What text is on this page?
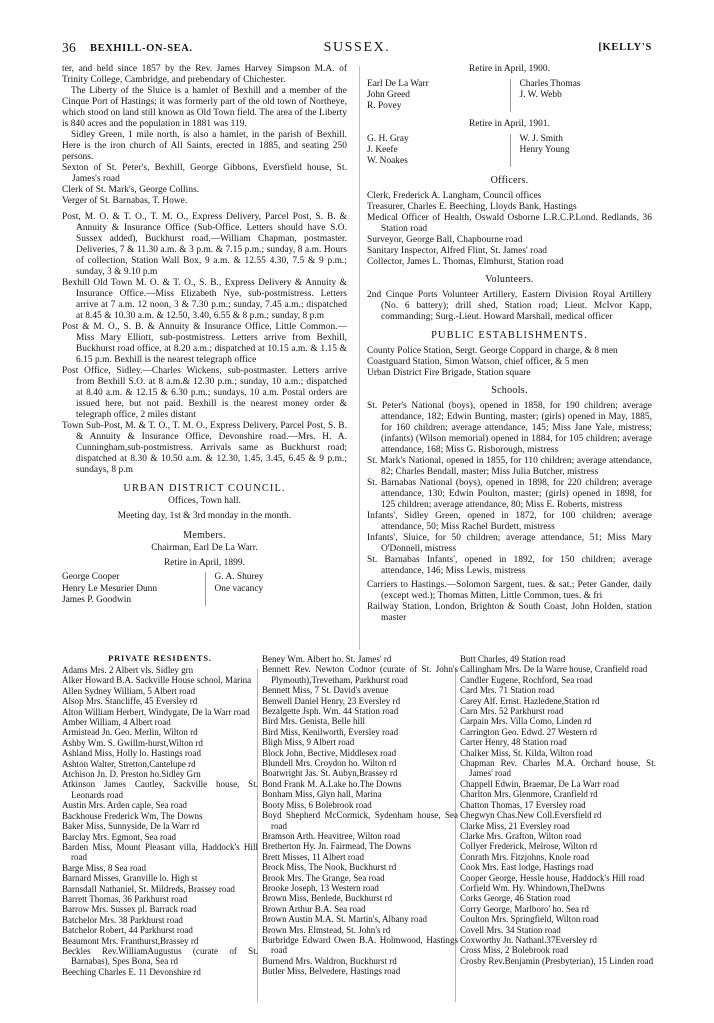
36 BEXHILL-ON-SEA.	SUSSEX.	[KELLY'S

ter, and held since 1857 by the Rev. James Harvey Simpson M.A. of Trinity College, Cambridge, and prebendary of Chichester.

The Liberty of the Sluice is a hamlet of Bexhill and a member of the Cinque Port of Hastings; it was formerly part of the old town of Northeye, which stood on land still known as Old Town field. The area of the Liberty is 840 acres and the population in 1881 was 119.

Sidley Green, 1 mile north, is also a hamlet, in the parish of Bexhill. Here is the iron church of All Saints, erected in 1885, and seating 250 persons.

Sexton of St. Peter's, Bexhill, George Gibbons, Eversfield house, St. James's road

Clerk of St. Mark's, George Collins.

Verger of St. Barnabas, T. Howe.

Post, M. O. & T. O., T. M. O., Express Delivery, Parcel Post, S. B. & Annuity & Insurance Office (Sub-Office. Letters should have S.O. Sussex added), Buckhurst road.—William Chapman, postmaster. Deliveries, 7 & 11.30 a.m. & 3 p.m. & 7.15 p.m.; sunday, 8 a.m. Hours of collection, Station Wall Box, 9 a.m. & 12.55 4.30, 7.5 & 9 p.m.; sunday, 3 & 9.10 p.m

Bexhill Old Town M. O. & T. O., S. B., Express Delivery & Annuity & Insurance Office.—Miss Elizabeth Nye, sub-postmistress. Letters arrive at 7 a.m. 12 noon, 3 & 7.30 p.m.; sunday, 7.45 a.m.; dispatched at 8.45 & 10.30 a.m. & 12.50, 3.40, 6.55 & 8 p.m.; sunday, 8 p.m

Post & M. O., S. B. & Annuity & Insurance Office, Little Common.—Miss Mary Elliott, sub-postmistress. Letters arrive from Bexhill, Buckhurst road office, at 8.20 a.m.; dispatched at 10.15 a.m. & 1.15 & 6.15 p.m. Bexhill is the nearest telegraph office

Post Office, Sidley.—Charles Wickens, sub-postmaster. Letters arrive from Bexhill S.O. at 8 a.m.& 12.30 p.m.; sunday, 10 a.m.; dispatched at 8.40 a.m. & 12.15 & 6.30 p.m.; sundays, 10 a.m. Postal orders are issued here, but not paid. Bexhill is the nearest money order & telegraph office, 2 miles distant

Town Sub-Post, M. & T. O., T. M. O., Express Delivery, Parcel Post, S. B. & Annuity & Insurance Office, Devonshire road.—Mrs. H. A. Cunningham,sub-postmistress. Arrivals same as Buckhurst road; dispatched at 8.30 & 10.50 a.m. & 12.30, 1.45, 3.45, 6.45 & 9 p.m.; sundays, 8 p.m

URBAN DISTRICT COUNCIL.

Offices, Town hall.

Meeting day, 1st & 3rd monday in the month.

Members.

Chairman, Earl De La Warr.

Retire in April, 1899.

George Cooper	G. A. Shurey
Henry Le Mesurier Dunn	One vacancy
James P. Goodwin

Retire in April, 1900.

Earl De La Warr	Charles Thomas
John Greed	J. W. Webb
R. Povey

Retire in April, 1901.

G. H. Gray	W. J. Smith
J. Keefe	Henry Young
W. Noakes

Officers.

Clerk, Frederick A. Langham, Council offices

Treasurer, Charles E. Beeching, Lloyds Bank, Hastings

Medical Officer of Health, Oswald Osborne L.R.C.P.Lond. Redlands, 36 Station road

Surveyor, George Ball, Chapbourne road

Sanitary Inspector, Alfred Flint, St. James' road

Collector, James L. Thomas, Elmhurst, Station road

Volunteers.

2nd Cinque Ports Volunteer Artillery, Eastern Division Royal Artillery (No. 6 battery); drill shed, Station road; Lieut. McIvor Kapp, commanding; Surg.-Lieut. Howard Marshall, medical officer

PUBLIC ESTABLISHMENTS.

County Police Station, Sergt. George Coppard in charge, & 8 men

Coastguard Station, Simon Watson, chief officer, & 5 men

Urban District Fire Brigade, Station square

Schools.

St. Peter's National (boys), opened in 1858, for 190 children; average attendance, 182; Edwin Bunting, master; (girls) opened in May, 1885, for 160 children; average attendance, 145; Miss Jane Yale, mistress; (infants) (Wilson memorial) opened in 1884, for 105 children; average attendance, 168; Miss G. Risborough, mistress

St. Mark's National, opened in 1855, for 110 children; average attendance, 82; Charles Bendall, master; Miss Julia Butcher, mistress

St. Barnabas National (boys), opened in 1898, for 220 children; average attendance, 130; Edwin Poulton, master; (girls) opened in 1898, for 125 children; average attendance, 80; Miss E. Roberts, mistress

Infants', Sidley Green, opened in 1872, for 100 children; average attendance, 50; Miss Rachel Burdett, mistress

Infants', Sluice, for 50 children; average attendance, 51; Miss Mary O'Donnell, mistress

St. Barnabas Infants', opened in 1892, for 150 children; average attendance, 146; Miss Lewis, mistress

Carriers to Hastings.—Solomon Sargent, tues. & sat.; Peter Gander, daily (except wed.); Thomas Mitten, Little Common, tues. & fri

Railway Station, London, Brighton & South Coast, John Holden, station master

PRIVATE RESIDENTS.

Adams Mrs. 2 Albert vls. Sidley grn

Alker Howard B.A. Sackville House school, Marina

Allen Sydney William, 5 Albert road

Alsop Mrs. Stancliffe, 45 Eversley rd

Alton William Herbert, Windygate, De la Warr road

Amber William, 4 Albert road

Armistead Jn. Geo. Merlin, Wilton rd

Ashby Wm. S. Gwillm-hurst,Wilton rd

Ashland Miss, Holly lo. Hastings road

Ashton Walter, Stretton,Cantelupe rd

Atchison Jn. D. Preston ho.Sidley Grn

Atkinson James Cautley, Sackville house, St. Leonards road

Austin Mrs. Arden caple, Sea road

Backhouse Frederick Wm, The Downs

Baker Miss, Sunnyside, De la Warr rd

Barclay Mrs. Egmont, Sea road

Barden Miss, Mount Pleasant villa, Haddock's Hill road

Barge Miss, 8 Sea road

Barnard Misses, Granville lo. High st

Barnsdall Nathaniel, St. Mildreds, Brassey road

Barrett Thomas, 36 Parkhurst road

Barrow Mrs. Sussex pl. Barrack road

Batchelor Mrs. 38 Parkhurst road

Batchelor Robert, 44 Parkhurst road

Beaumont Mrs. Franthurst,Brassey rd

Beckles Rev.WilliamAugustus (curate of St. Barnabas), Spes Bona, Sea rd

Beeching Charles E. 11 Devonshire rd

Beney Wm. Albert ho. St. James' rd

Bennett Rev. Newton Codnor (curate of St. John's Plymouth),Trevetham, Parkhurst road

Bennett Miss, 7 St. David's avenue

Benwell Daniel Henry, 23 Eversley rd

Bezalgette Jsph. Wm. 44 Station road

Bird Mrs. Genista, Belle hill

Bird Miss, Kenilworth, Eversley road

Bligh Miss, 9 Albert road

Block John, Bective, Middlesex road

Blundell Mrs. Croydon ho. Wilton rd

Boatwright Jas. St. Aubyn,Brassey rd

Bond Frank M. A.Lake ho.The Downs

Bonham Miss, Glyn hall, Marina

Booty Miss, 6 Bolebrook road

Boyd Shepherd McCormick, Sydenham house, Sea road

Bramson Arth. Heavitree, Wilton road

Bretherton Hy. Jn. Fairmead, The Downs

Brett Misses, 11 Albert road

Brock Miss, The Nook, Buckhurst rd

Brook Mrs. The Grange, Sea road

Brooke Joseph, 13 Western road

Brown Miss, Benlede, Buckhurst rd

Brown Arthur B.A. Sea road

Brown Austin M.A. St. Martin's, Albany road

Brown Mrs. Elmstead, St. John's rd

Burbridge Edward Owen B.A. Holmwood, Hastings road

Burnend Mrs. Waldron, Buckhurst rd

Butler Miss, Belvedere, Hastings road

Butt Charles, 49 Station road

Callingham Mrs. De la Warre house, Cranfield road

Candler Eugene, Rochford, Sea road

Card Mrs. 71 Station road

Carey Alf. Ernst. Hazledene,Station rd

Carn Mrs. 52 Parkhurst road

Carpain Mrs. Villa Como, Linden rd

Carrington Geo. Edwd. 27 Western rd

Carter Henry, 48 Station road

Chalker Miss, St. Kilda, Wilton road

Chapman Rev. Charles M.A. Orchard house, St. James' road

Chappell Edwin, Braemar, De La Warr road

Charlton Mrs. Glenmore, Cranfield rd

Chatton Thomas, 17 Eversley road

Chegwyn Chas.New Coll.Eversfield rd

Clarke Miss, 21 Eversley road

Clarke Mrs. Grafton, Wilton road

Collyer Frederick, Melrose, Wilton rd

Conrath Mrs. Fitzjohns, Knole road

Cook Mrs. East lodge, Hastings road

Cooper George, Hessle house, Haddock's Hill road

Corfield Wm. Hy. Whindown,TheDwns

Corks George, 46 Station road

Corry George, Marlboro' ho. Sea rd

Coulton Mrs. Springfield, Wilton road

Covell Mrs. 34 Station road

Coxworthy Jn. Nathanl.37Eversley rd

Cross Miss, 2 Bolebrook road

Crosby Rev.Benjamin (Presbyterian), 15 Linden road
